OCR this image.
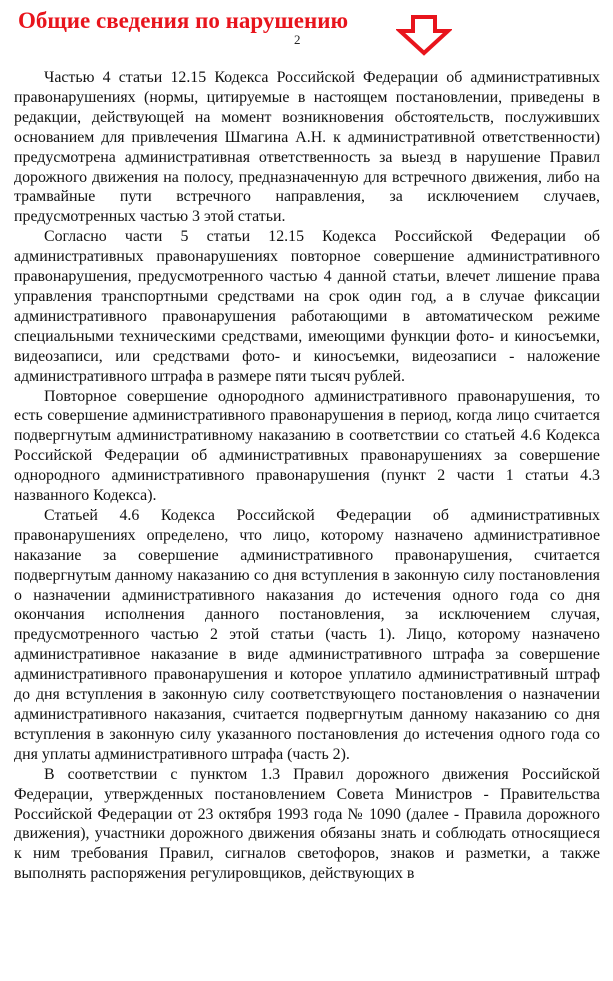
Общие сведения по нарушению
2

Частью 4 статьи 12.15 Кодекса Российской Федерации об административных правонарушениях (нормы, цитируемые в настоящем постановлении, приведены в редакции, действующей на момент возникновения обстоятельств, послуживших основанием для привлечения Шмагина А.Н. к административной ответственности) предусмотрена административная ответственность за выезд в нарушение Правил дорожного движения на полосу, предназначенную для встречного движения, либо на трамвайные пути встречного направления, за исключением случаев, предусмотренных частью 3 этой статьи.

Согласно части 5 статьи 12.15 Кодекса Российской Федерации об административных правонарушениях повторное совершение административного правонарушения, предусмотренного частью 4 данной статьи, влечет лишение права управления транспортными средствами на срок один год, а в случае фиксации административного правонарушения работающими в автоматическом режиме специальными техническими средствами, имеющими функции фото- и киносъемки, видеозаписи, или средствами фото- и киносъемки, видеозаписи - наложение административного штрафа в размере пяти тысяч рублей.

Повторное совершение однородного административного правонарушения, то есть совершение административного правонарушения в период, когда лицо считается подвергнутым административному наказанию в соответствии со статьей 4.6 Кодекса Российской Федерации об административных правонарушениях за совершение однородного административного правонарушения (пункт 2 части 1 статьи 4.3 названного Кодекса).

Статьей 4.6 Кодекса Российской Федерации об административных правонарушениях определено, что лицо, которому назначено административное наказание за совершение административного правонарушения, считается подвергнутым данному наказанию со дня вступления в законную силу постановления о назначении административного наказания до истечения одного года со дня окончания исполнения данного постановления, за исключением случая, предусмотренного частью 2 этой статьи (часть 1). Лицо, которому назначено административное наказание в виде административного штрафа за совершение административного правонарушения и которое уплатило административный штраф до дня вступления в законную силу соответствующего постановления о назначении административного наказания, считается подвергнутым данному наказанию со дня вступления в законную силу указанного постановления до истечения одного года со дня уплаты административного штрафа (часть 2).

В соответствии с пунктом 1.3 Правил дорожного движения Российской Федерации, утвержденных постановлением Совета Министров - Правительства Российской Федерации от 23 октября 1993 года № 1090 (далее - Правила дорожного движения), участники дорожного движения обязаны знать и соблюдать относящиеся к ним требования Правил, сигналов светофоров, знаков и разметки, а также выполнять распоряжения регулировщиков, действующих в
